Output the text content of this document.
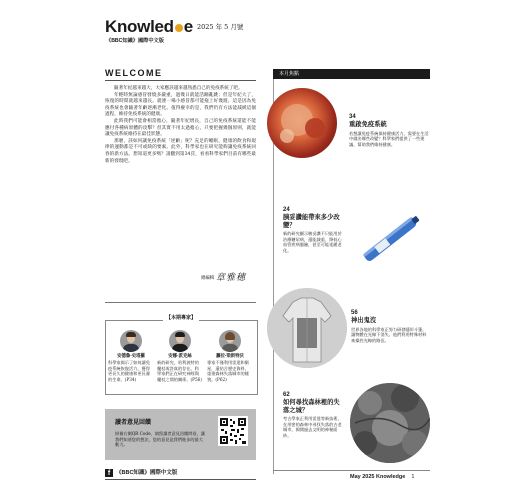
Knowled e
《BBC知識》國際中文版
2025 年 5 月號
WELCOME

隨著年紀越來越大，大家應該越來越熟悉自己的免疫系統了吧。

年輕時無論感冒發燒多嚴重，過幾日就能活蹦亂跳；但是年紀大了，恢復的時間就越來越長。就連一場小感冒都可能拖上好幾週。這是因為免疫系統也會隨著年齡逐漸老化。值得慶幸的是，我們仍有方法能減緩這個過程，維持免疫系統的健康。

此時我們可能會相當擔心，隨著年紀增長，自己的免疫系統還能不能應付各種病原體的攻擊？但其實不用太過擔心，只要把握幾個原則，就能讓免疫系統維持在最佳狀態。

那麼，該如何讓免疫系統「逆齡」呢？充足的睡眠、健康的飲食和規律的運動都是不可或缺的要素。此外，科學家也在研究能夠讓免疫系統回春的新方法。想知道更多嗎？請翻到第34頁，看看科學家們目前有哪些最新的發現吧。

總編輯 章雅穗
【本期專家】
安德魯·史塔羅
科學家揭示了如何讓免疫系統恢復活力，獲得更長久的健康和更長壽的生命。(P34)
安娜·派克絲
新的研究，哈利波特的魔杖或許真的存在。科學家們正在研究神經與魔杖之間的關係。(P56)
蘿拉·梁斯特沃
專家不僅利用雷達和衛星，還結合歷史資料，重建森林失落城市的樣貌。(P62)
讀者意見回饋
掃描右側QR Code，填寫讀者意見回饋問卷，讓我們知道您的想法，您的意見是我們進步的最大動力。
f 《BBC知識》國際中文版
本月焦點
34
重啟免疫系統
若想讓免疫系統保持健康活力，需要在生活中做出哪些改變？科學家們提供了一些建議，幫助我們維持健康。
24
胰妥讚能帶來多少改變？
新的研究顯示胰妥讚不只能用於治療糖尿病，還能減重、降低心血管疾病風險，甚至可能延緩老化。
56
神出鬼沒
世界各地的科學家正努力研發隱形斗篷，讓物體在光線下消失。他們利用特殊材料來操控光線的路徑。
62
如何尋找森林裡的失落之城？
考古學家正利用雷達等新技術，在茂密的森林中尋找失落的古老城市，揭開過去文明的神秘面紗。
May 2025 Knowledge 1
